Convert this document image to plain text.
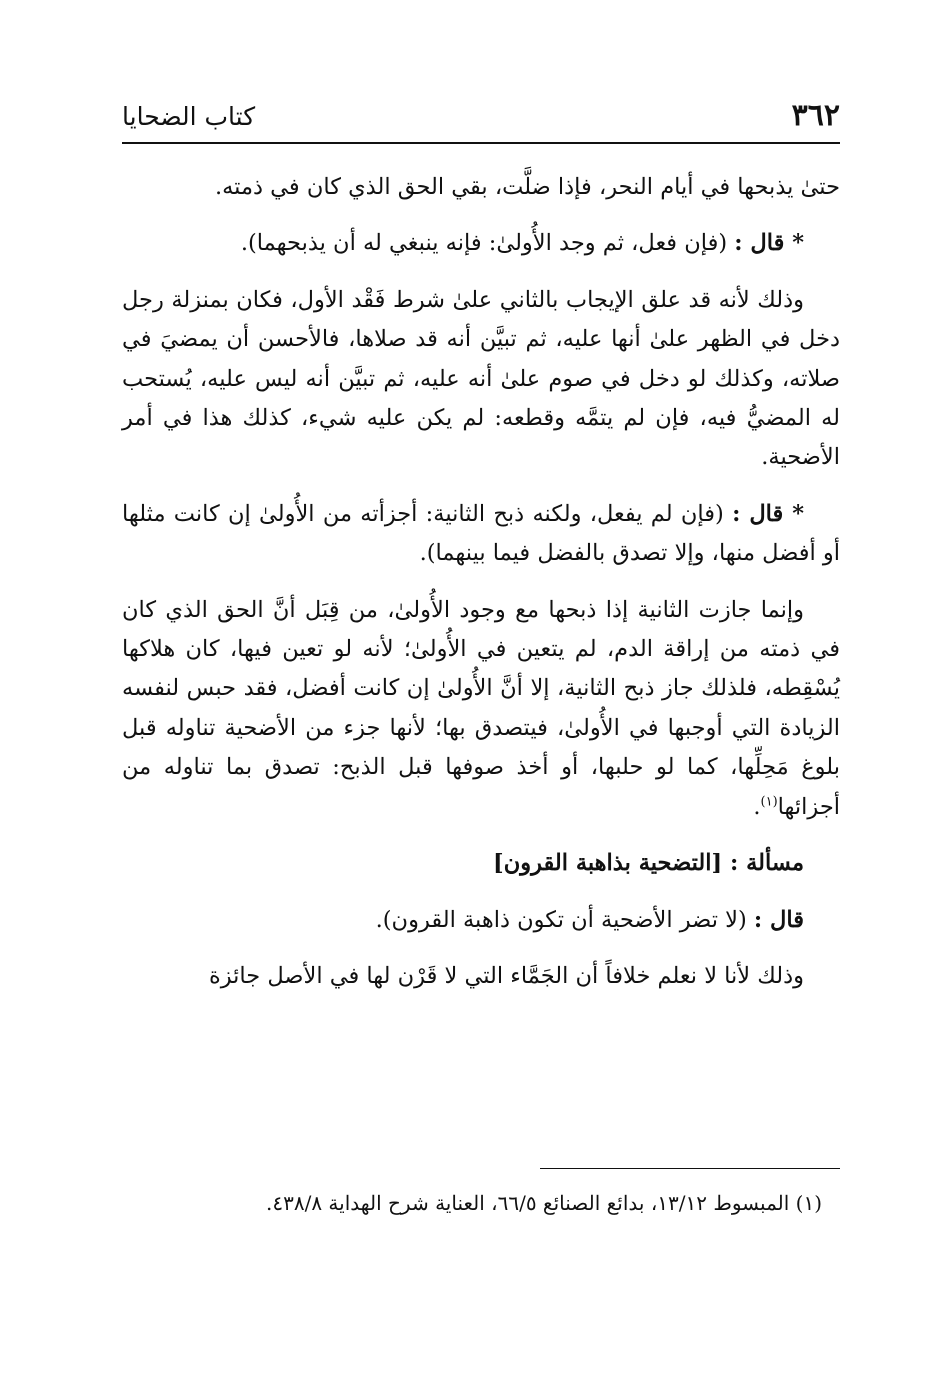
٣٦٢
كتاب الضحايا

حتىٰ يذبحها في أيام النحر، فإذا ضلَّت، بقي الحق الذي كان في ذمته.

* قال : (فإن فعل، ثم وجد الأُولىٰ: فإنه ينبغي له أن يذبحهما).

وذلك لأنه قد علق الإيجاب بالثاني علىٰ شرط فَقْد الأول، فكان بمنزلة رجل دخل في الظهر علىٰ أنها عليه، ثم تبيَّن أنه قد صلاها، فالأحسن أن يمضيَ في صلاته، وكذلك لو دخل في صوم علىٰ أنه عليه، ثم تبيَّن أنه ليس عليه، يُستحب له المضيُّ فيه، فإن لم يتمَّه وقطعه: لم يكن عليه شيء، كذلك هذا في أمر الأضحية.

* قال : (فإن لم يفعل، ولكنه ذبح الثانية: أجزأته من الأُولىٰ إن كانت مثلها أو أفضل منها، وإلا تصدق بالفضل فيما بينهما).

وإنما جازت الثانية إذا ذبحها مع وجود الأُولىٰ، من قِبَل أنَّ الحق الذي كان في ذمته من إراقة الدم، لم يتعين في الأُولىٰ؛ لأنه لو تعين فيها، كان هلاكها يُسْقِطه، فلذلك جاز ذبح الثانية، إلا أنَّ الأُولىٰ إن كانت أفضل، فقد حبس لنفسه الزيادة التي أوجبها في الأُولىٰ، فيتصدق بها؛ لأنها جزء من الأضحية تناوله قبل بلوغ مَحِلِّها، كما لو حلبها، أو أخذ صوفها قبل الذبح: تصدق بما تناوله من أجزائها$^{(١)}$.

مسألة : [التضحية بذاهبة القرون]

قال : (لا تضر الأضحية أن تكون ذاهبة القرون).

وذلك لأنا لا نعلم خلافاً أن الجَمَّاء التي لا قَرْن لها في الأصل جائزة

(١) المبسوط ١٣/١٢، بدائع الصنائع ٦٦/٥، العناية شرح الهداية ٤٣٨/٨.
